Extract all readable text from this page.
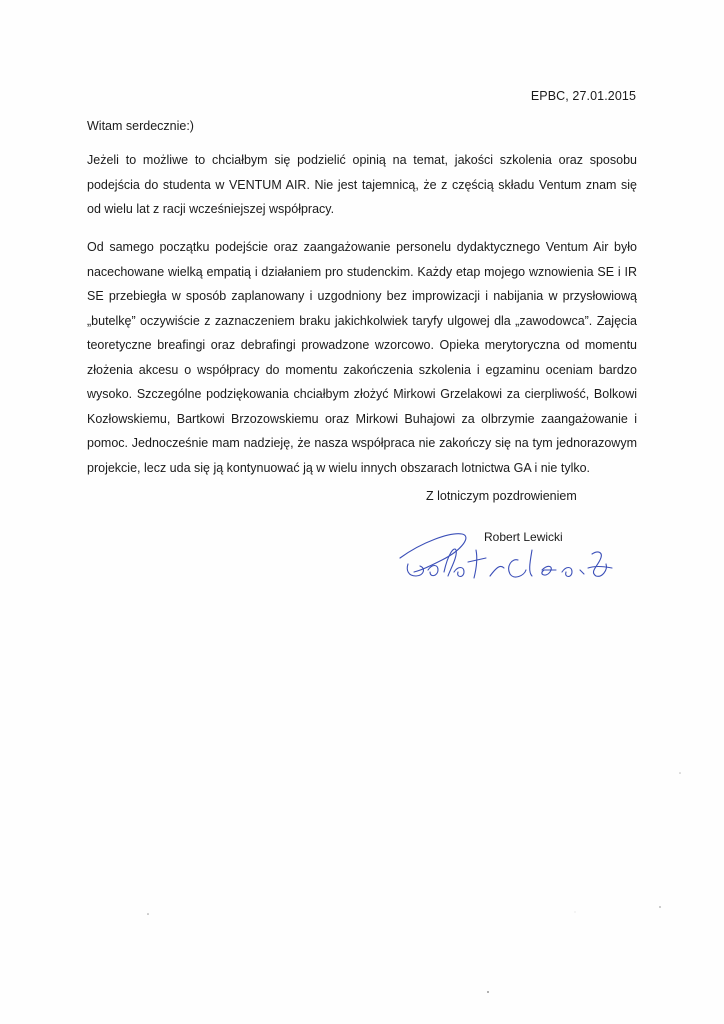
EPBC, 27.01.2015
Witam serdecznie:)

Jeżeli to możliwe to chciałbym się podzielić opinią na temat, jakości szkolenia oraz sposobu podejścia do studenta w VENTUM AIR. Nie jest tajemnicą, że z częścią składu Ventum znam się od wielu lat z racji wcześniejszej współpracy.

Od samego początku podejście oraz zaangażowanie personelu dydaktycznego Ventum Air było nacechowane wielką empatią i działaniem pro studenckim. Każdy etap mojego wznowienia SE i IR SE przebiegła w sposób zaplanowany i uzgodniony bez improwizacji i nabijania w przysłowiową „butelkę” oczywiście z zaznaczeniem braku jakichkolwiek taryfy ulgowej dla „zawodowca”. Zajęcia teoretyczne breafingi oraz debrafingi prowadzone wzorcowo. Opieka merytoryczna od momentu złożenia akcesu o współpracy do momentu zakończenia szkolenia i egzaminu oceniam bardzo wysoko. Szczególne podziękowania chciałbym złożyć Mirkowi Grzelakowi za cierpliwość, Bolkowi Kozłowskiemu, Bartkowi Brzozowskiemu oraz Mirkowi Buhajowi za olbrzymie zaangażowanie i pomoc. Jednocześnie mam nadzieję, że nasza współpraca nie zakończy się na tym jednorazowym projekcie, lecz uda się ją kontynuować ją w wielu innych obszarach lotnictwa GA i nie tylko.

Z lotniczym pozdrowieniem
Robert Lewicki
